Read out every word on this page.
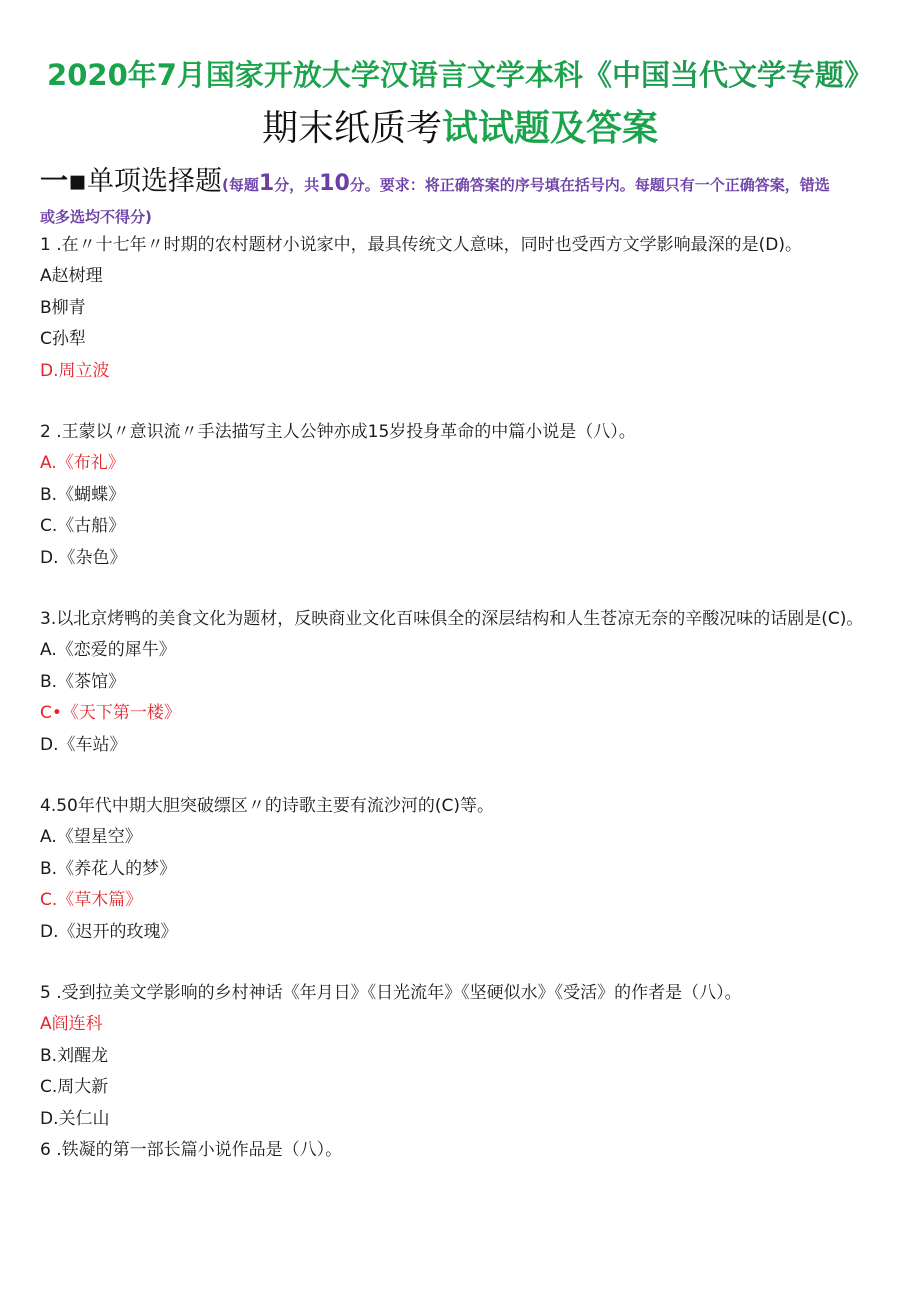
2020年7月国家开放大学汉语言文学本科《中国当代文学专题》
期末纸质考试试题及答案
一▪单项选择题(每题1分，共10分。要求：将正确答案的序号填在括号内。每题只有一个正确答案，错选
或多选均不得分)
1 .在〃十七年〃时期的农村题材小说家中，最具传统文人意味，同时也受西方文学影响最深的是(D)。
A赵树理
B柳青
C孙犁
D.周立波
2 .王蒙以〃意识流〃手法描写主人公钟亦成15岁投身革命的中篇小说是（八）。
A.《布礼》
B.《蝴蝶》
C.《古船》
D.《杂色》
3.以北京烤鸭的美食文化为题材，反映商业文化百味俱全的深层结构和人生苍凉无奈的辛酸况味的话剧是(C)。
A.《恋爱的犀牛》
B.《茶馆》
C•《天下第一楼》
D.《车站》
4.50年代中期大胆突破缥区〃的诗歌主要有流沙河的(C)等。
A.《望星空》
B.《养花人的梦》
C.《草木篇》
D.《迟开的玫瑰》
5 .受到拉美文学影响的乡村神话《年月日》《日光流年》《坚硬似水》《受活》的作者是（八）。
A阎连科
B.刘醒龙
C.周大新
D.关仁山
6 .铁凝的第一部长篇小说作品是（八）。
